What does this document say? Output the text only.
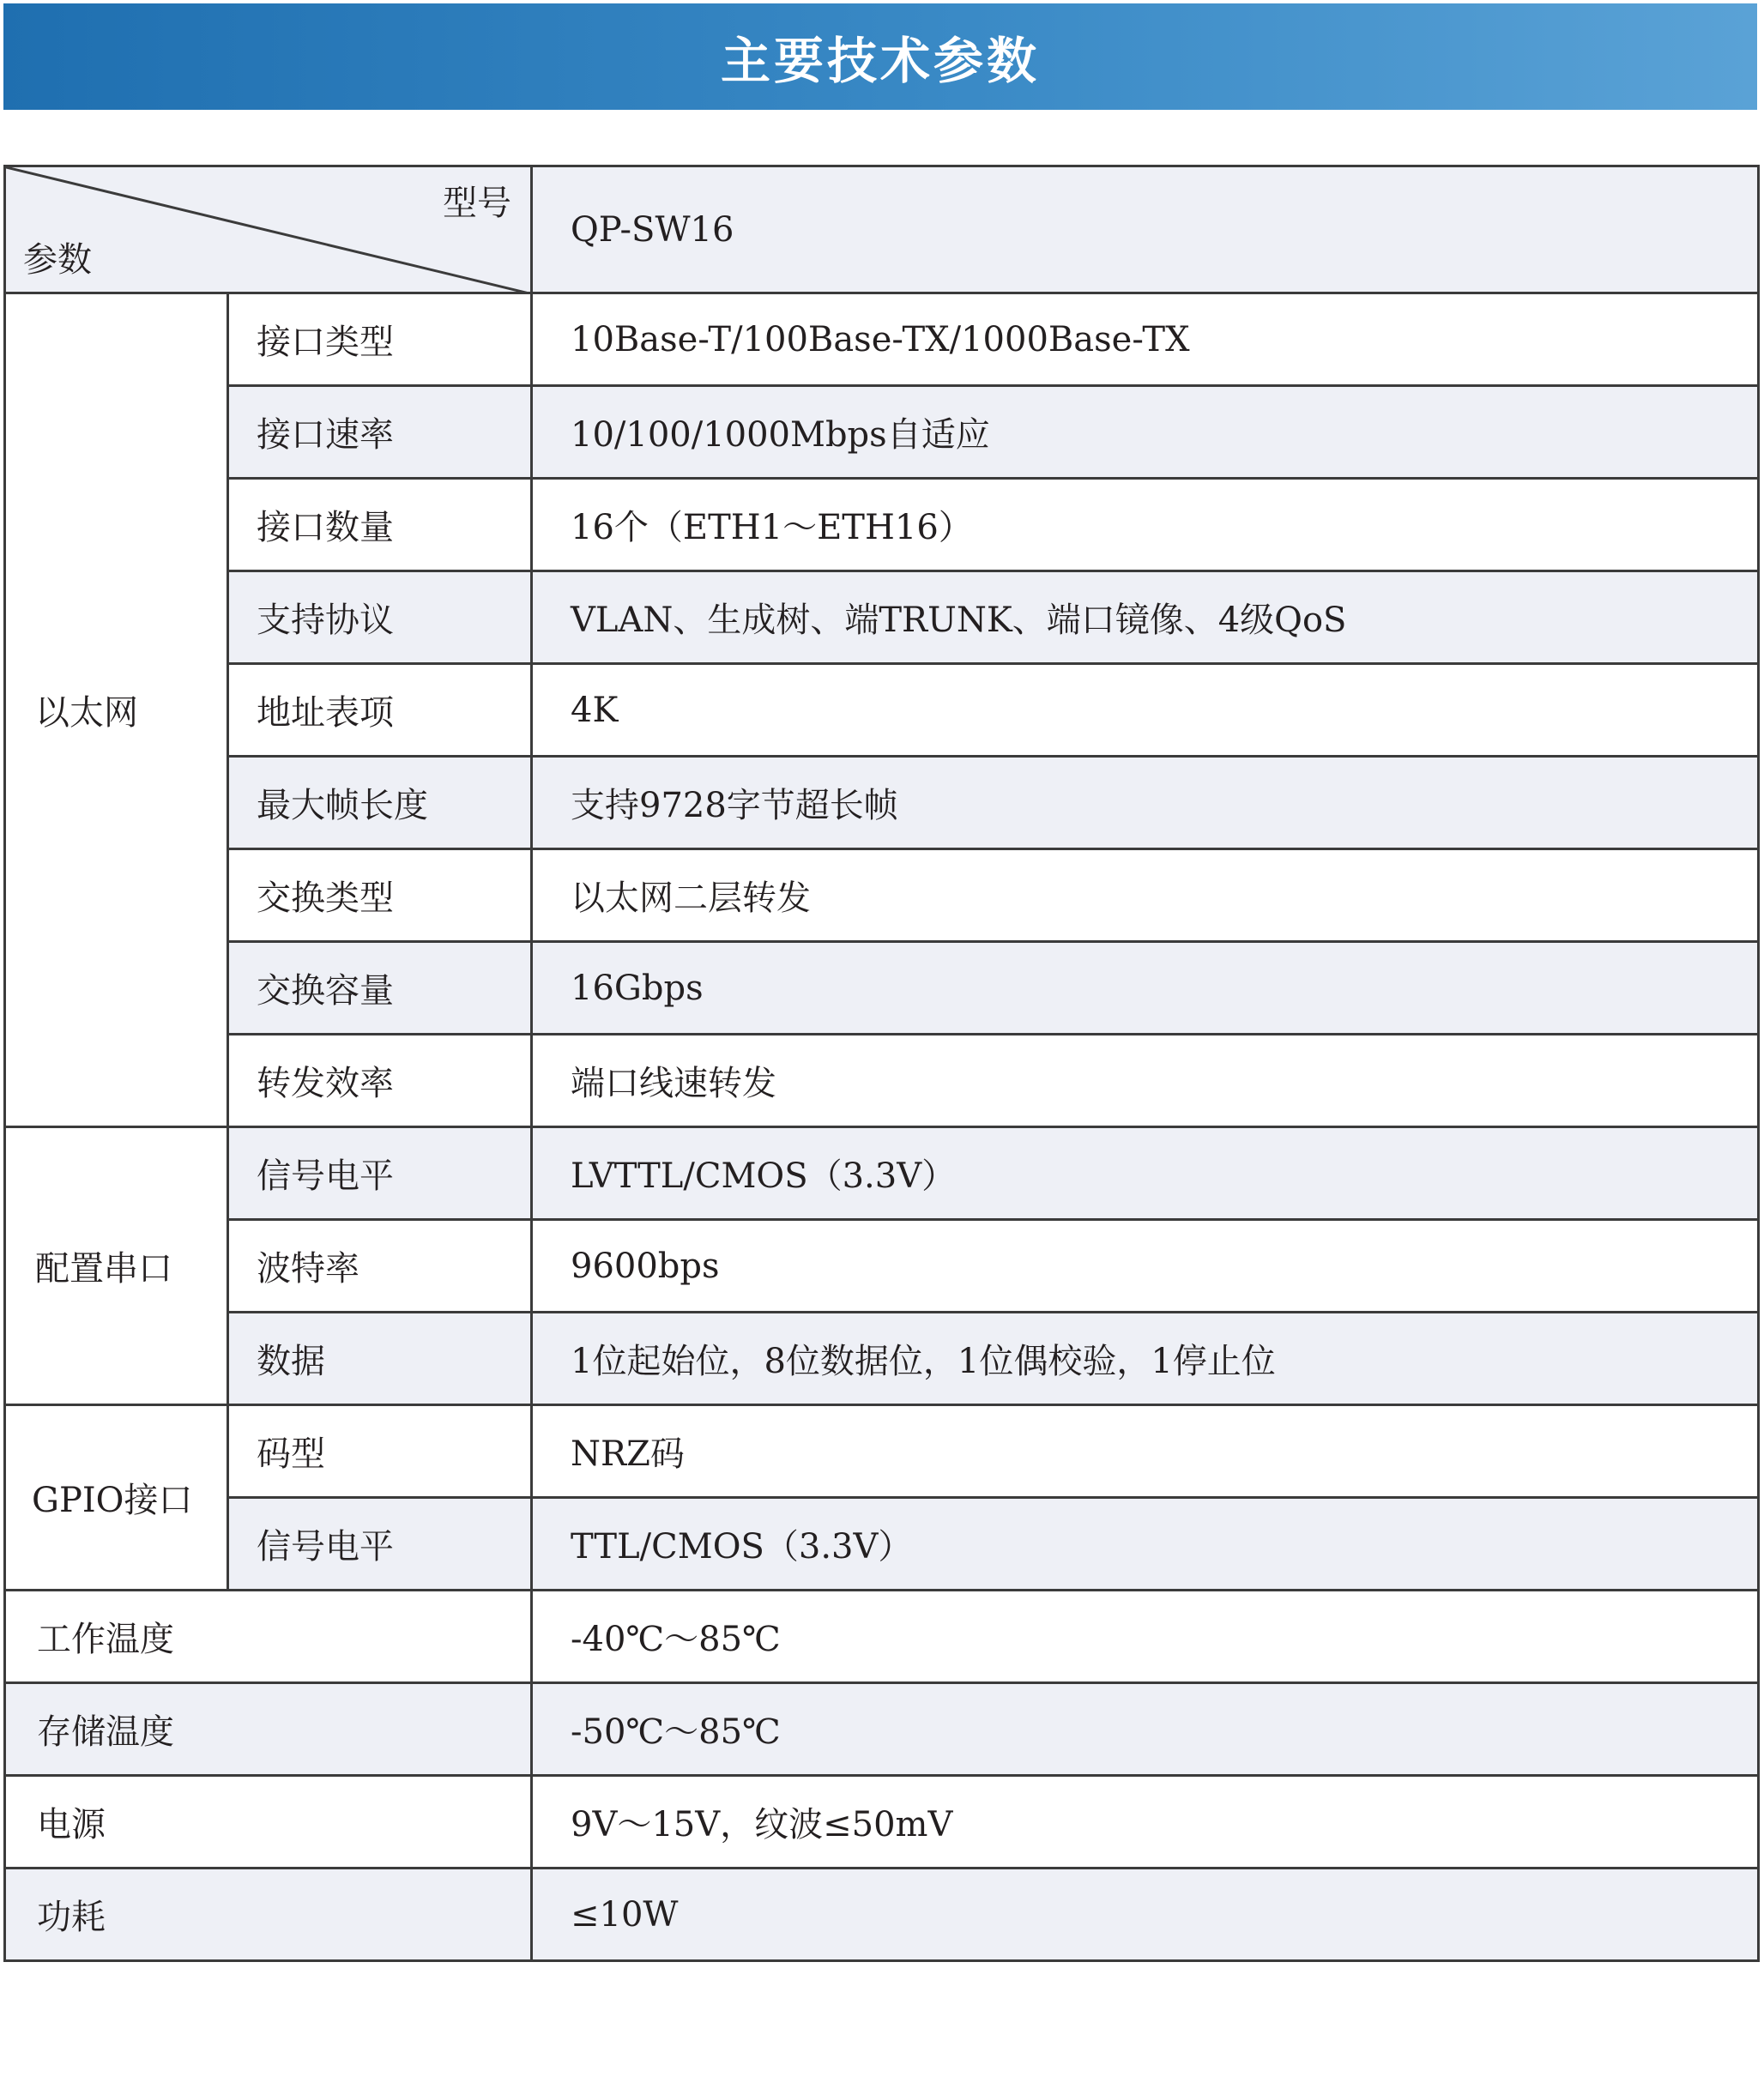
主要技术参数
型号
参数		QP-SW16
以太网	接口类型	10Base-T/100Base-TX/1000Base-TX
	接口速率	10/100/1000Mbps自适应
	接口数量	16个（ETH1～ETH16）
	支持协议	VLAN、生成树、端TRUNK、端口镜像、4级QoS
	地址表项	4K
	最大帧长度	支持9728字节超长帧
	交换类型	以太网二层转发
	交换容量	16Gbps
	转发效率	端口线速转发
配置串口	信号电平	LVTTL/CMOS（3.3V）
	波特率	9600bps
	数据	1位起始位，8位数据位，1位偶校验，1停止位
GPIO接口	码型	NRZ码
	信号电平	TTL/CMOS（3.3V）
工作温度		-40℃～85℃
存储温度		-50℃～85℃
电源		9V～15V，纹波≤50mV
功耗		≤10W
